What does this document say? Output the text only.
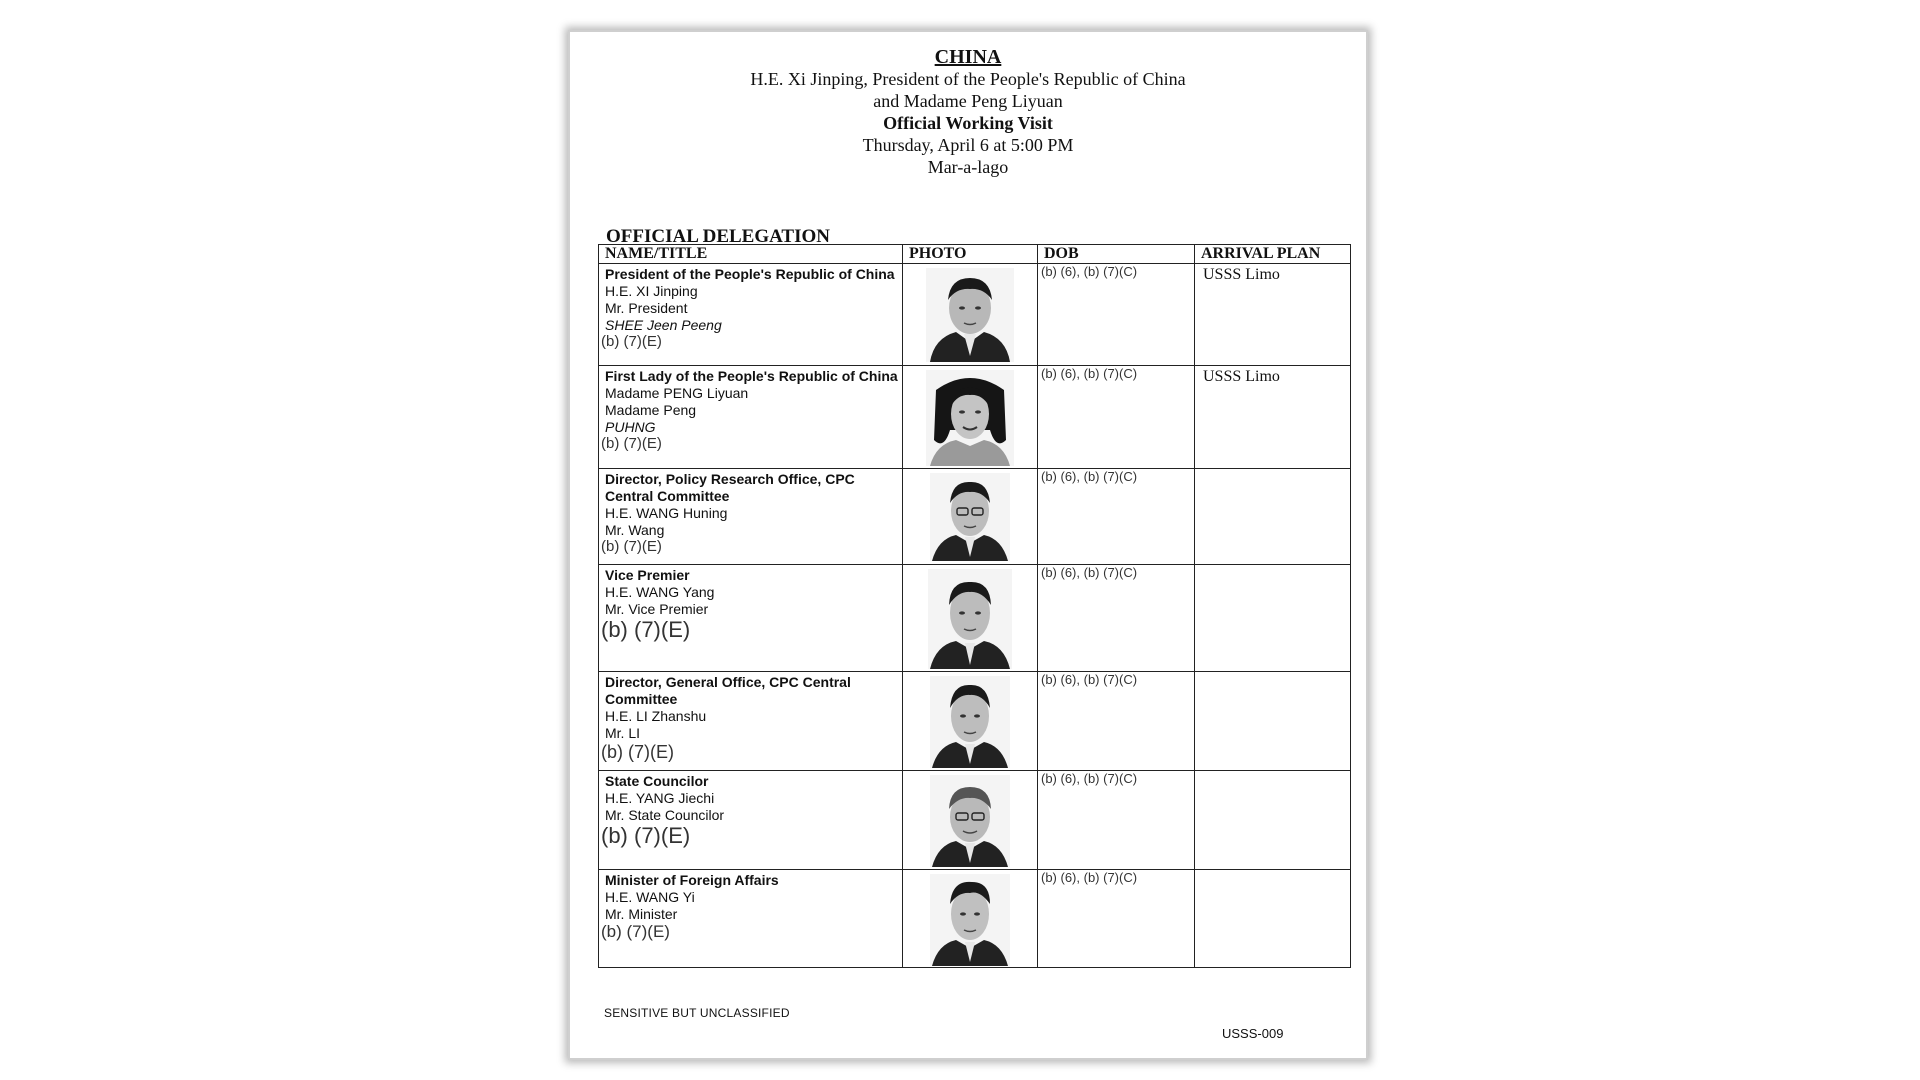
CHINA
H.E. Xi Jinping, President of the People's Republic of China
and Madame Peng Liyuan
Official Working Visit
Thursday, April 6 at 5:00 PM
Mar-a-lago
OFFICIAL DELEGATION
NAME/TITLE	PHOTO	DOB	ARRIVAL PLAN

President of the People's Republic of China
H.E. XI Jinping
Mr. President
SHEE Jeen Peeng
(b) (7)(E)		(b) (6), (b) (7)(C)	USSS Limo

First Lady of the People's Republic of China
Madame PENG Liyuan
Madame Peng
PUHNG
(b) (7)(E)		(b) (6), (b) (7)(C)	USSS Limo

Director, Policy Research Office, CPC Central Committee
H.E. WANG Huning
Mr. Wang
(b) (7)(E)		(b) (6), (b) (7)(C)	

Vice Premier
H.E. WANG Yang
Mr. Vice Premier
(b) (7)(E)		(b) (6), (b) (7)(C)	

Director, General Office, CPC Central Committee
H.E. LI Zhanshu
Mr. LI
(b) (7)(E)		(b) (6), (b) (7)(C)	

State Councilor
H.E. YANG Jiechi
Mr. State Councilor
(b) (7)(E)		(b) (6), (b) (7)(C)	

Minister of Foreign Affairs
H.E. WANG Yi
Mr. Minister
(b) (7)(E)		(b) (6), (b) (7)(C)	
SENSITIVE BUT UNCLASSIFIED
USSS-009
